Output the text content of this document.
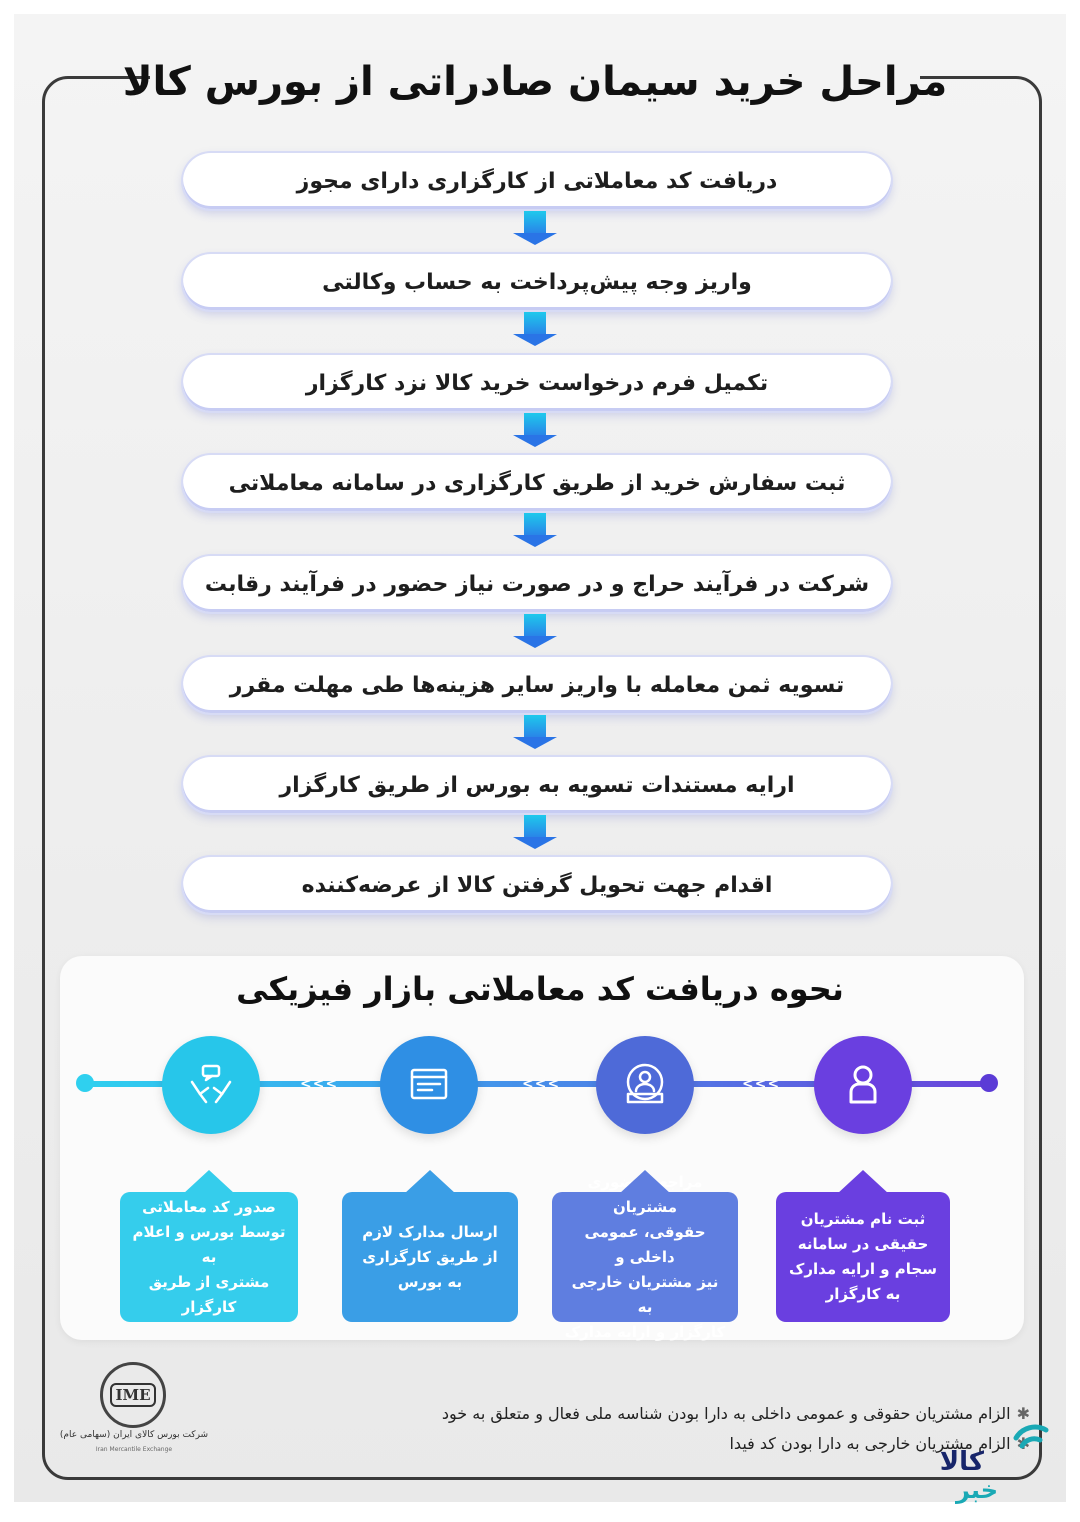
مراحل خرید سیمان صادراتی از بورس کالا
دریافت کد معاملاتی از کارگزاری دارای مجوز
واریز وجه پیش‌پرداخت به حساب وکالتی
تکمیل فرم درخواست خرید کالا نزد کارگزار
ثبت سفارش خرید از طریق کارگزاری در سامانه معاملاتی
شرکت در فرآیند حراج و در صورت نیاز حضور در فرآیند رقابت
تسویه ثمن معامله با واریز سایر هزینه‌ها طی مهلت مقرر
ارایه مستندات تسویه به بورس از طریق کارگزار
اقدام جهت تحویل گرفتن کالا از عرضه‌کننده
نحوه دریافت کد معاملاتی بازار فیزیکی
<<<	<<<	<<<
ثبت نام مشتریان
حقیقی در سامانه
سجام و ارایه مدارک
به کارگزار
مراجعه حضوری مشتریان
حقوقی، عمومی داخلی و
نیز مشتریان خارجی به
کارگزار و ارایه مدارک
ارسال مدارک لازم
از طریق کارگزاری
به بورس
صدور کد معاملاتی
توسط بورس و اعلام به
مشتری از طریق کارگزار
IME
شرکت بورس کالای ایران (سهامی عام)
Iran Mercantile Exchange
✱الزام مشتریان حقوقی و عمومی داخلی به دارا بودن شناسه ملی فعال و متعلق به خود
✱الزام مشتریان خارجی به دارا بودن کد فیدا
کالا
خبر
